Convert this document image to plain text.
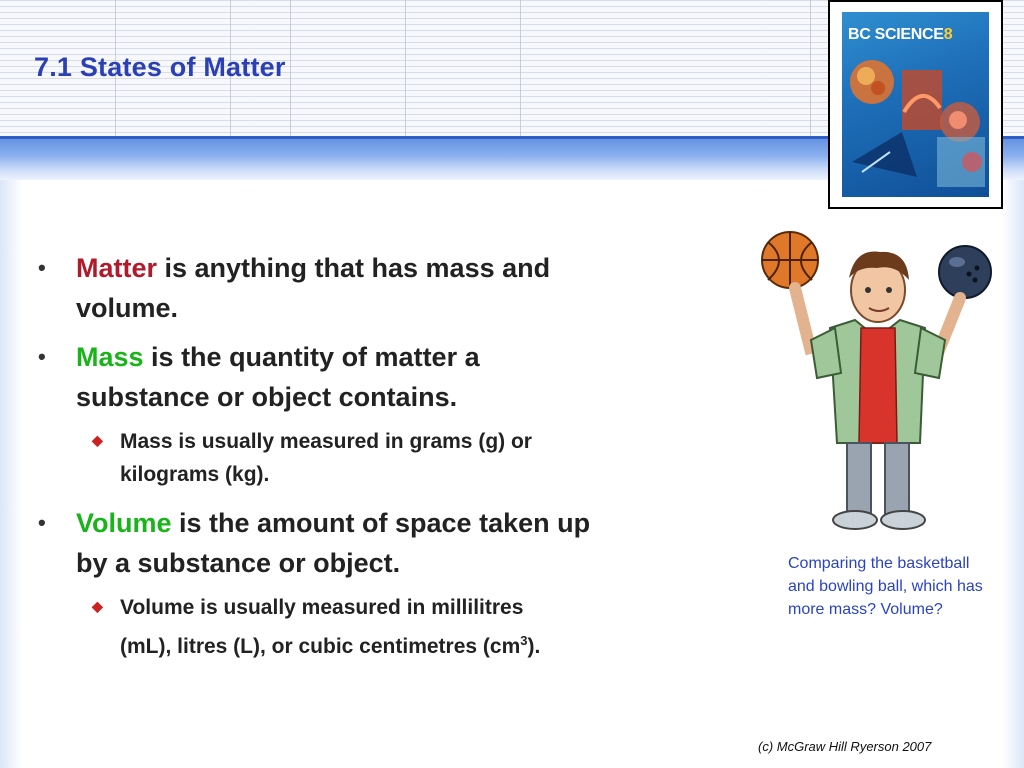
7.1 States of Matter
BC SCIENCE8
• Matter is anything that has mass and
volume.
• Mass is the quantity of matter a
substance or object contains.
◆ Mass is usually measured in grams (g) or
kilograms (kg).
• Volume is the amount of space taken up
by a substance or object.
◆ Volume is usually measured in millilitres
(mL), litres (L), or cubic centimetres $(cm^3)$.
Comparing the basketball and bowling ball, which has more mass? Volume?
(c) McGraw Hill Ryerson 2007
